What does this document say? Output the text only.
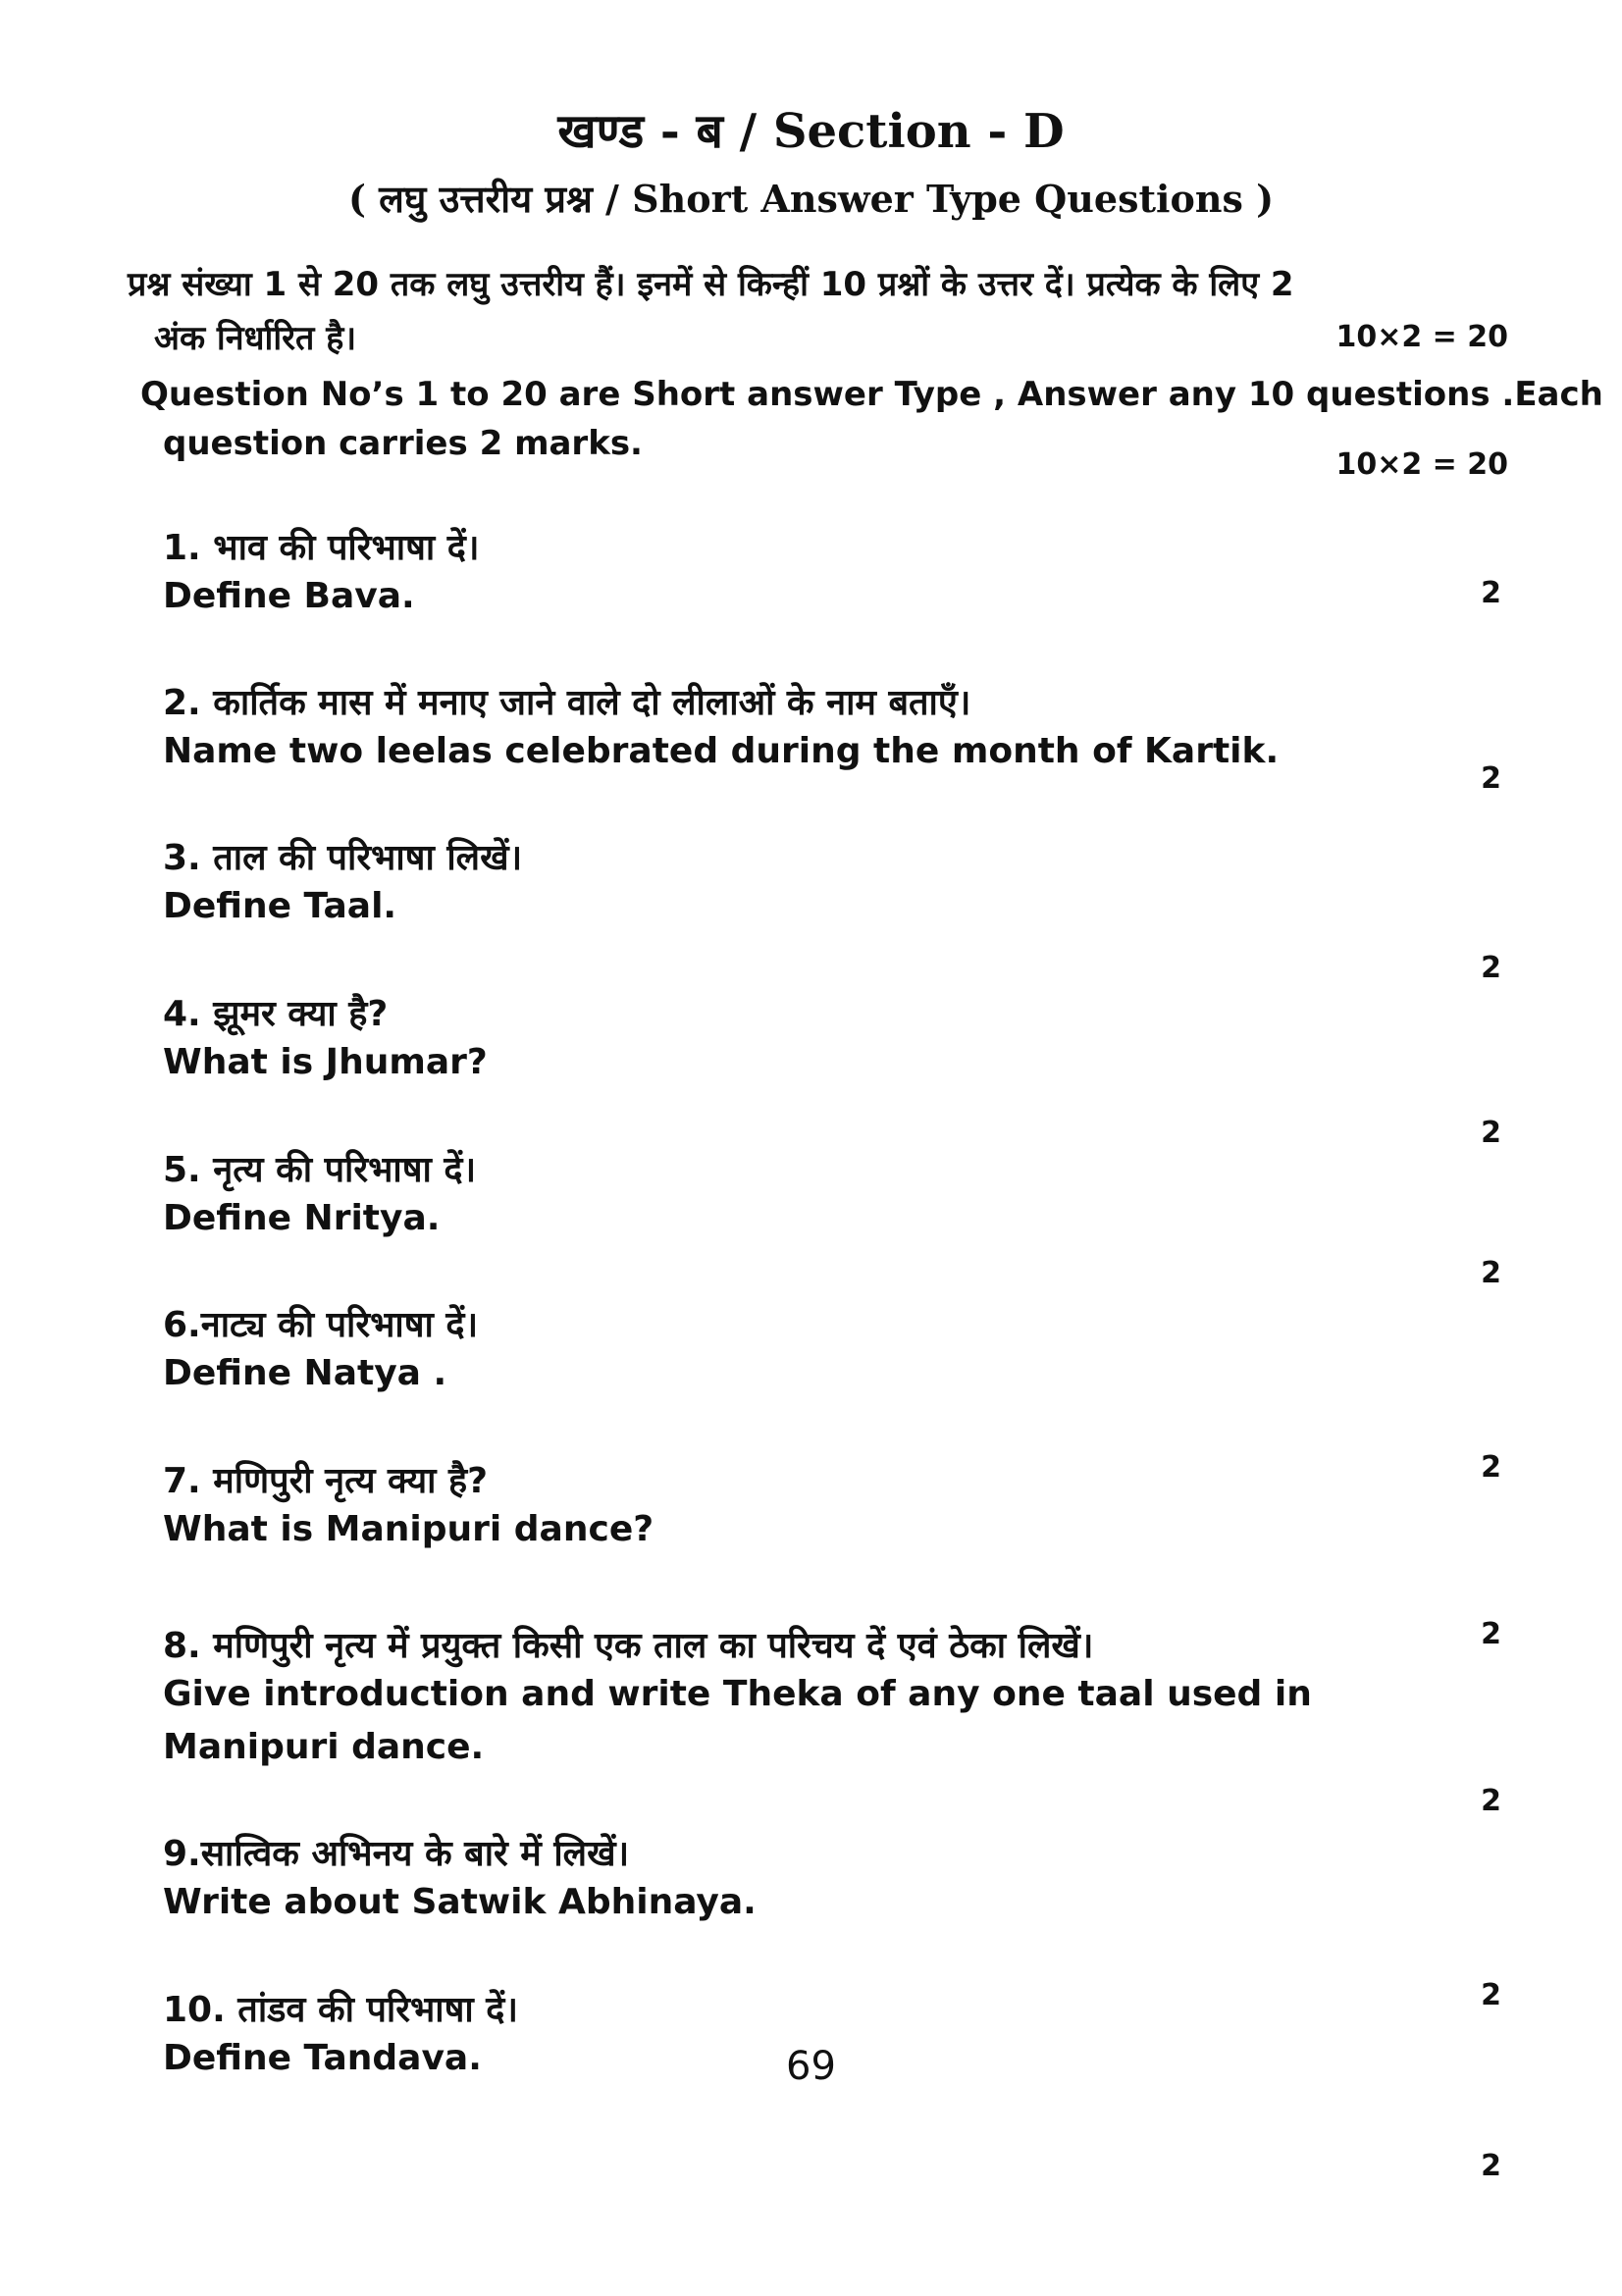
खण्ड - ब / Section - D
( लघु उत्तरीय प्रश्न / Short Answer Type Questions )
प्रश्न संख्या 1 से 20 तक लघु उत्तरीय हैं। इनमें से किन्हीं 10 प्रश्नों के उत्तर दें। प्रत्येक के लिए 2
अंक निर्धारित है।	10×2 = 20
Question No’s 1 to 20 are Short answer Type , Answer any 10 questions .Each
question carries 2 marks.
10×2 = 20
1. भाव की परिभाषा दें।
Define Bava.
2. कार्तिक मास में मनाए जाने वाले दो लीलाओं के नाम बताएँ।
Name two leelas celebrated during the month of Kartik.
3. ताल की परिभाषा लिखें।
Define Taal.
4. झूमर क्या है?
What is Jhumar?
5. नृत्य की परिभाषा दें।
Define Nritya.
6.नाट्य की परिभाषा दें।
Define Natya .
7. मणिपुरी नृत्य क्या है?
What is Manipuri dance?
8. मणिपुरी नृत्य में प्रयुक्त किसी एक ताल का परिचय दें एवं ठेका लिखें।
Give introduction and write Theka of any one taal used in
Manipuri dance.
9.सात्विक अभिनय के बारे में लिखें।
Write about Satwik Abhinaya.
10. तांडव की परिभाषा दें।
Define Tandava.
2
2
2
2
2
2
2
2
2
2
69
